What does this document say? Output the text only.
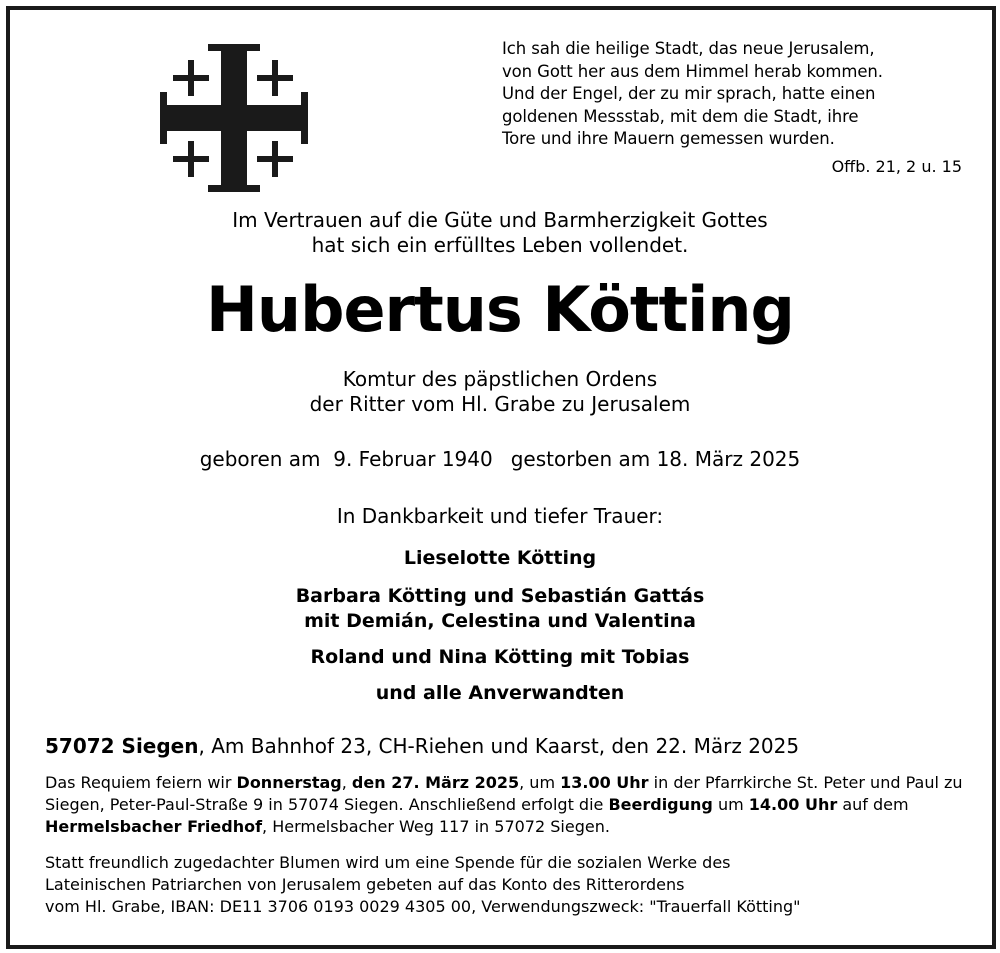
Ich sah die heilige Stadt, das neue Jerusalem,
von Gott her aus dem Himmel herab kommen.
Und der Engel, der zu mir sprach, hatte einen
goldenen Messstab, mit dem die Stadt, ihre
Tore und ihre Mauern gemessen wurden.
Offb. 21, 2 u. 15
Im Vertrauen auf die Güte und Barmherzigkeit Gottes
hat sich ein erfülltes Leben vollendet.
Hubertus Kötting
Komtur des päpstlichen Ordens
der Ritter vom Hl. Grabe zu Jerusalem
geboren am  9. Februar 1940 gestorben am 18. März 2025
In Dankbarkeit und tiefer Trauer:
Lieselotte Kötting
Barbara Kötting und Sebastián Gattás
mit Demián, Celestina und Valentina
Roland und Nina Kötting mit Tobias
und alle Anverwandten
57072 Siegen, Am Bahnhof 23, CH-Riehen und Kaarst, den 22. März 2025
Das Requiem feiern wir Donnerstag, den 27. März 2025, um 13.00 Uhr in der Pfarrkirche St. Peter und Paul zu Siegen, Peter-Paul-Straße 9 in 57074 Siegen. Anschließend erfolgt die Beerdigung um 14.00 Uhr auf dem Hermelsbacher Friedhof, Hermelsbacher Weg 117 in 57072 Siegen.
Statt freundlich zugedachter Blumen wird um eine Spende für die sozialen Werke des
Lateinischen Patriarchen von Jerusalem gebeten auf das Konto des Ritterordens
vom Hl. Grabe, IBAN: DE11 3706 0193 0029 4305 00, Verwendungszweck: "Trauerfall Kötting"
